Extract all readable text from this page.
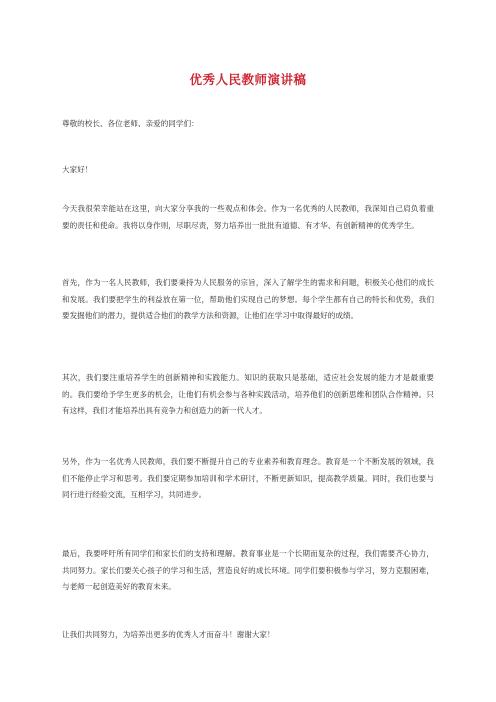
优秀人民教师演讲稿

尊敬的校长、各位老师、亲爱的同学们：

大家好！

今天我很荣幸能站在这里，向大家分享我的一些观点和体会。作为一名优秀的人民教师，我深知自己肩负着重要的责任和使命。我将以身作则，尽职尽责，努力培养出一批批有道德、有才华、有创新精神的优秀学生。

首先，作为一名人民教师，我们要秉持为人民服务的宗旨，深入了解学生的需求和问题，积极关心他们的成长和发展。我们要把学生的利益放在第一位，帮助他们实现自己的梦想。每个学生都有自己的特长和优势，我们要发掘他们的潜力，提供适合他们的教学方法和资源，让他们在学习中取得最好的成绩。

其次，我们要注重培养学生的创新精神和实践能力。知识的获取只是基础，适应社会发展的能力才是最重要的。我们要给予学生更多的机会，让他们有机会参与各种实践活动，培养他们的创新思维和团队合作精神。只有这样，我们才能培养出具有竞争力和创造力的新一代人才。

另外，作为一名优秀人民教师，我们要不断提升自己的专业素养和教育理念。教育是一个不断发展的领域，我们不能停止学习和思考。我们要定期参加培训和学术研讨，不断更新知识，提高教学质量。同时，我们也要与同行进行经验交流，互相学习，共同进步。

最后，我要呼吁所有同学们和家长们的支持和理解。教育事业是一个长期而复杂的过程，我们需要齐心协力，共同努力。家长们要关心孩子的学习和生活，营造良好的成长环境。同学们要积极参与学习，努力克服困难，与老师一起创造美好的教育未来。

让我们共同努力，为培养出更多的优秀人才而奋斗！谢谢大家！
